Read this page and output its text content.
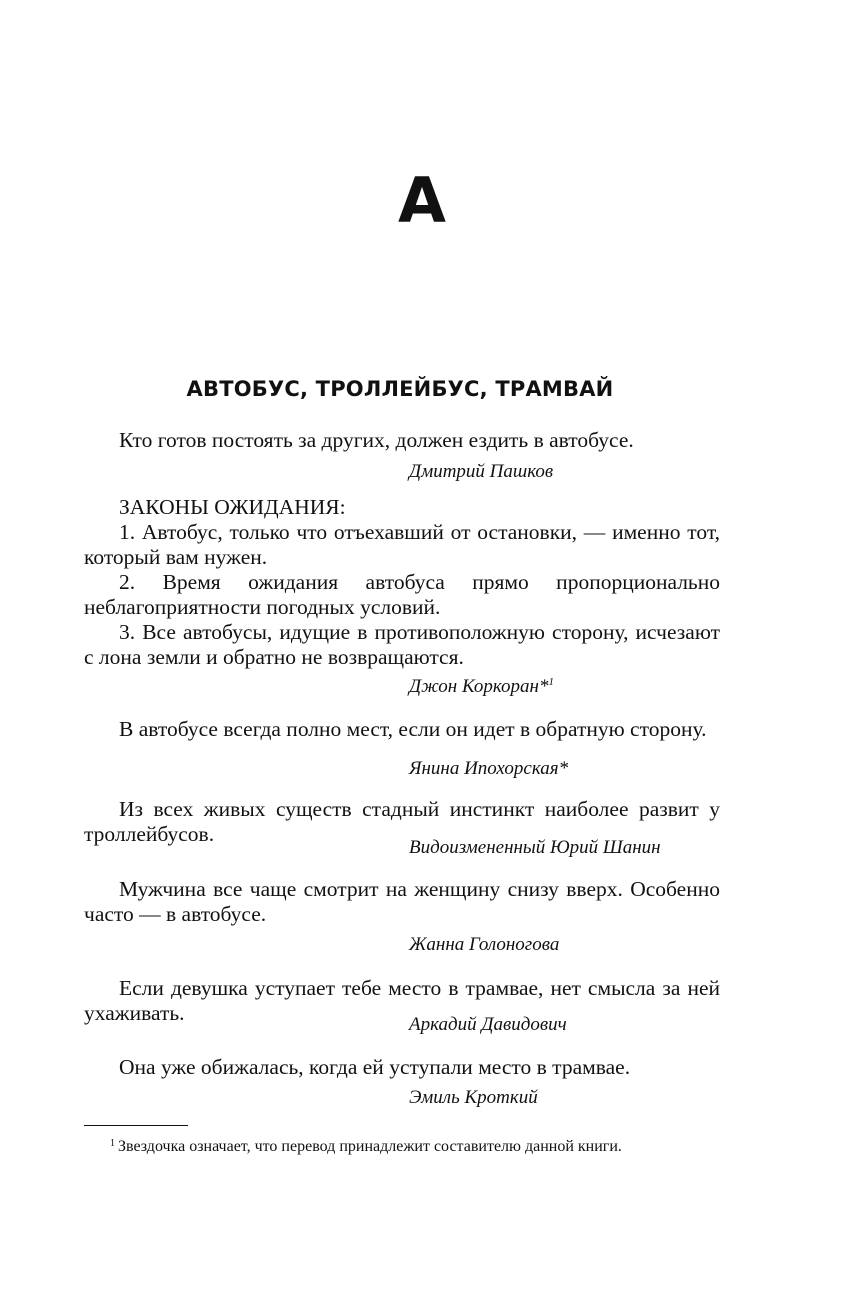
А
АВТОБУС, ТРОЛЛЕЙБУС, ТРАМВАЙ

Кто готов постоять за других, должен ездить в автобусе.

Дмитрий Пашков

ЗАКОНЫ ОЖИДАНИЯ:

1. Автобус, только что отъехавший от остановки, — именно тот, который вам нужен.

2. Время ожидания автобуса прямо пропорционально неблагоприятности погодных условий.

3. Все автобусы, идущие в противоположную сторону, исчезают с лона земли и обратно не возвращаются.

Джон Коркоран*$^1$

В автобусе всегда полно мест, если он идет в обратную сторону.

Янина Ипохорская*

Из всех живых существ стадный инстинкт наиболее развит у троллейбусов.

Видоизмененный Юрий Шанин

Мужчина все чаще смотрит на женщину снизу вверх. Особенно часто — в автобусе.

Жанна Голоногова

Если девушка уступает тебе место в трамвае, нет смысла за ней ухаживать.	Аркадий Давидович

Она уже обижалась, когда ей уступали место в трамвае.

Эмиль Кроткий

$^1$ Звездочка означает, что перевод принадлежит составителю данной книги.
